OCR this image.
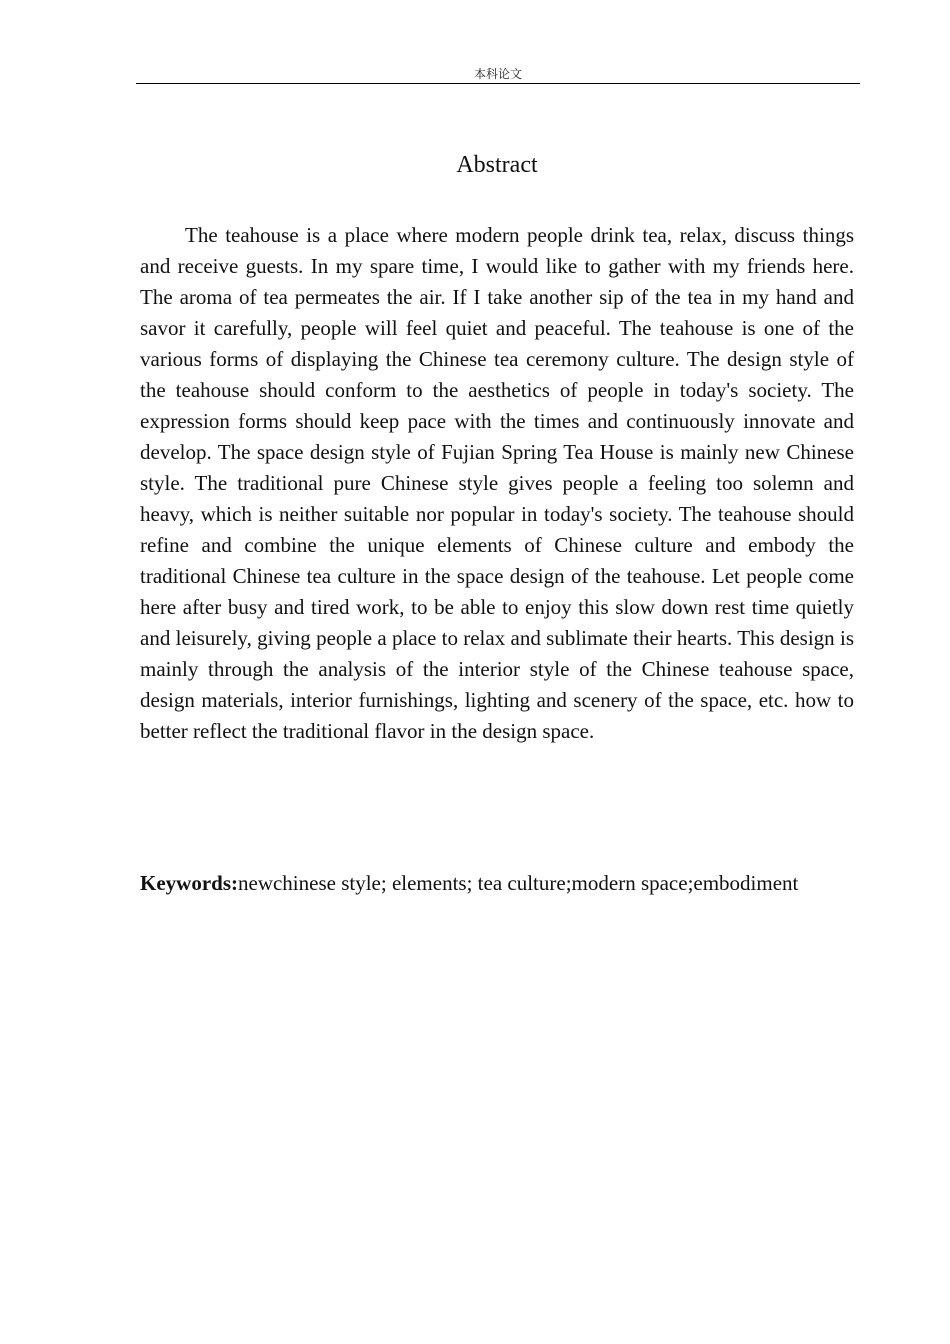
本科论文
Abstract

The teahouse is a place where modern people drink tea, relax, discuss things and receive guests. In my spare time, I would like to gather with my friends here. The aroma of tea permeates the air. If I take another sip of the tea in my hand and savor it carefully, people will feel quiet and peaceful. The teahouse is one of the various forms of displaying the Chinese tea ceremony culture. The design style of the teahouse should conform to the aesthetics of people in today's society. The expression forms should keep pace with the times and continuously innovate and develop. The space design style of Fujian Spring Tea House is mainly new Chinese style. The traditional pure Chinese style gives people a feeling too solemn and heavy, which is neither suitable nor popular in today's society. The teahouse should refine and combine the unique elements of Chinese culture and embody the traditional Chinese tea culture in the space design of the teahouse. Let people come here after busy and tired work, to be able to enjoy this slow down rest time quietly and leisurely, giving people a place to relax and sublimate their hearts. This design is mainly through the analysis of the interior style of the Chinese teahouse space, design materials, interior furnishings, lighting and scenery of the space, etc. how to better reflect the traditional flavor in the design space.

Keywords:newchinese style; elements; tea culture;modern space;embodiment
